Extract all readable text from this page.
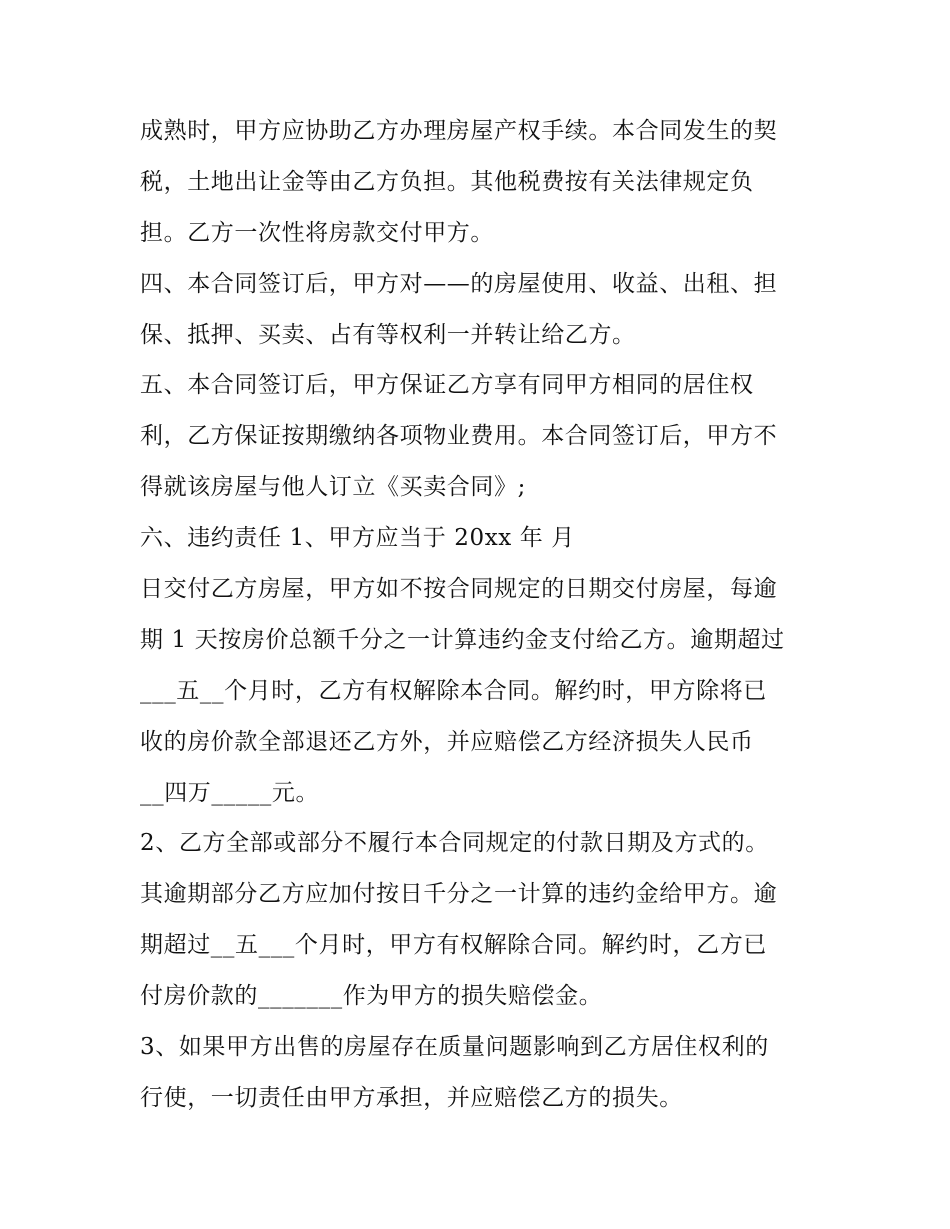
成熟时，甲方应协助乙方办理房屋产权手续。本合同发生的契
税，土地出让金等由乙方负担。其他税费按有关法律规定负
担。乙方一次性将房款交付甲方。
四、本合同签订后，甲方对——的房屋使用、收益、出租、担
保、抵押、买卖、占有等权利一并转让给乙方。
五、本合同签订后，甲方保证乙方享有同甲方相同的居住权
利，乙方保证按期缴纳各项物业费用。本合同签订后，甲方不
得就该房屋与他人订立《买卖合同》;
六、违约责任 1、甲方应当于 20xx 年 月
日交付乙方房屋，甲方如不按合同规定的日期交付房屋，每逾
期 1 天按房价总额千分之一计算违约金支付给乙方。逾期超过
___五__个月时，乙方有权解除本合同。解约时，甲方除将已
收的房价款全部退还乙方外，并应赔偿乙方经济损失人民币
__四万_____元。
2、乙方全部或部分不履行本合同规定的付款日期及方式的。
其逾期部分乙方应加付按日千分之一计算的违约金给甲方。逾
期超过__五___个月时，甲方有权解除合同。解约时，乙方已
付房价款的_______作为甲方的损失赔偿金。
3、如果甲方出售的房屋存在质量问题影响到乙方居住权利的
行使，一切责任由甲方承担，并应赔偿乙方的损失。
